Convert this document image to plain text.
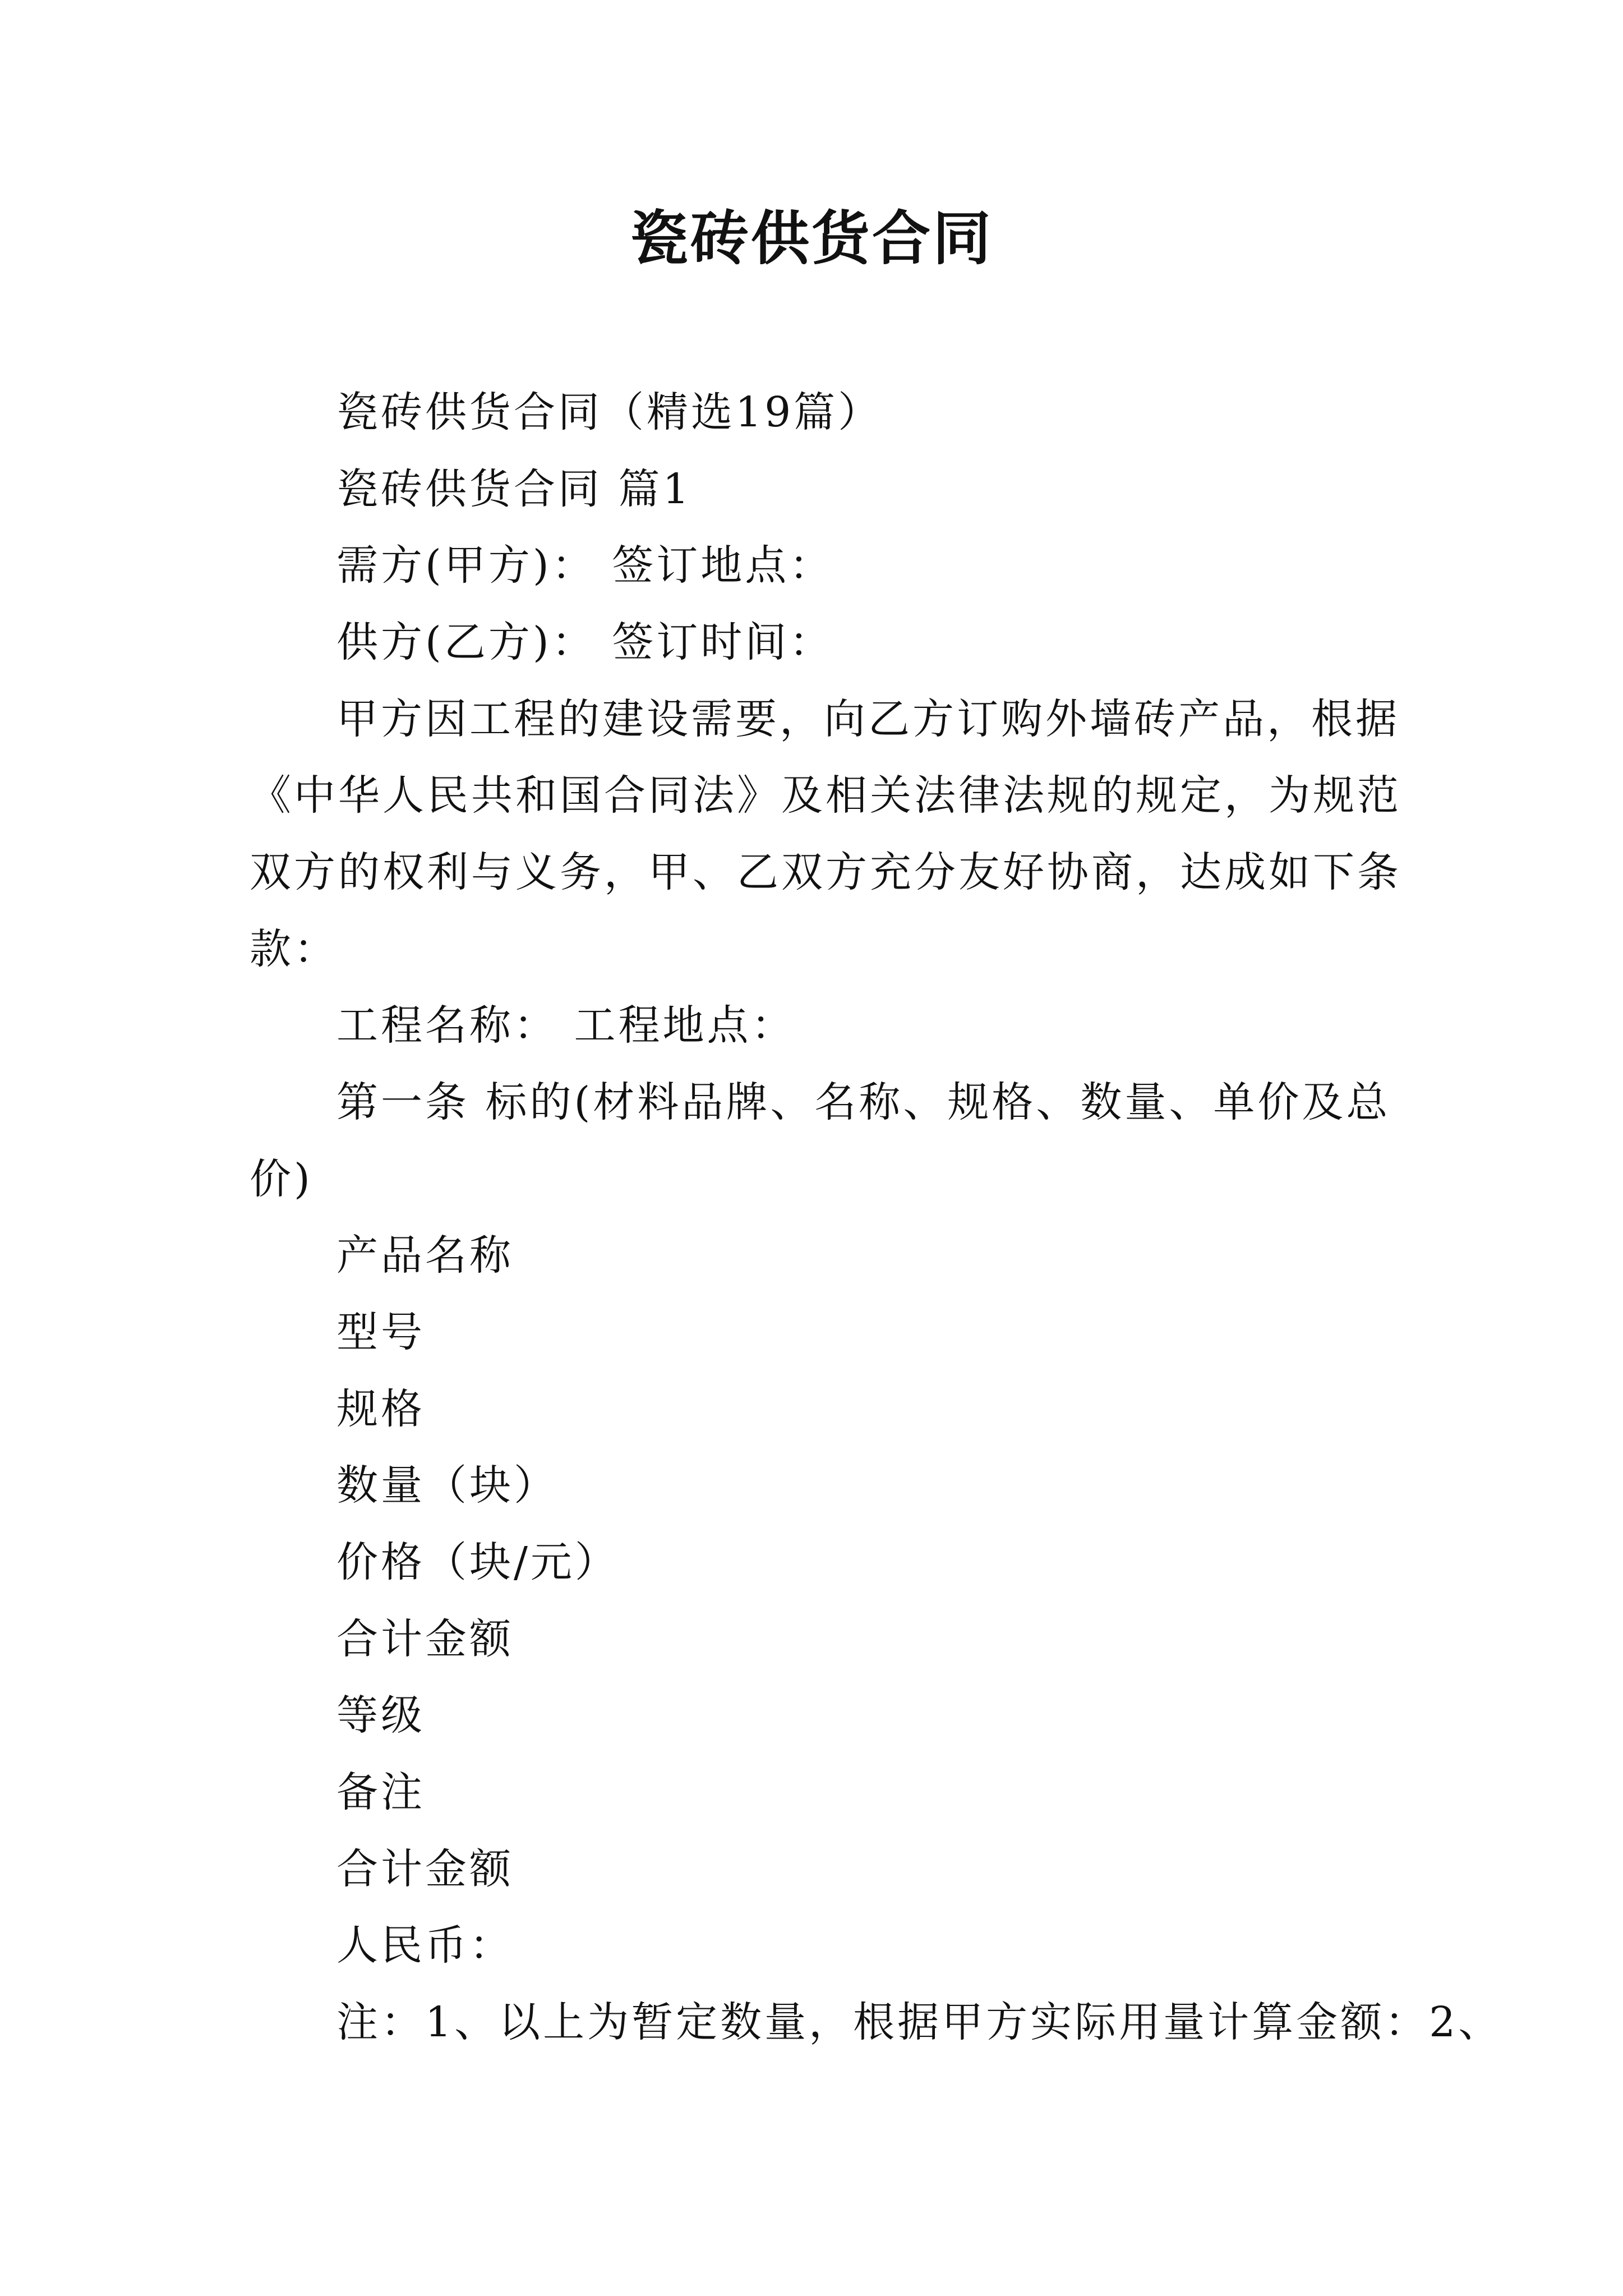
瓷砖供货合同
瓷砖供货合同（精选19篇）
瓷砖供货合同 篇1
需方(甲方)： 签订地点：
供方(乙方)： 签订时间：
甲方因工程的建设需要，向乙方订购外墙砖产品，根据
《中华人民共和国合同法》及相关法律法规的规定，为规范
双方的权利与义务，甲、乙双方充分友好协商，达成如下条
款：
工程名称： 工程地点：
第一条 标的(材料品牌、名称、规格、数量、单价及总
价)
产品名称
型号
规格
数量（块）
价格（块/元）
合计金额
等级
备注
合计金额
人民币：
注：1、以上为暂定数量，根据甲方实际用量计算金额：2、
